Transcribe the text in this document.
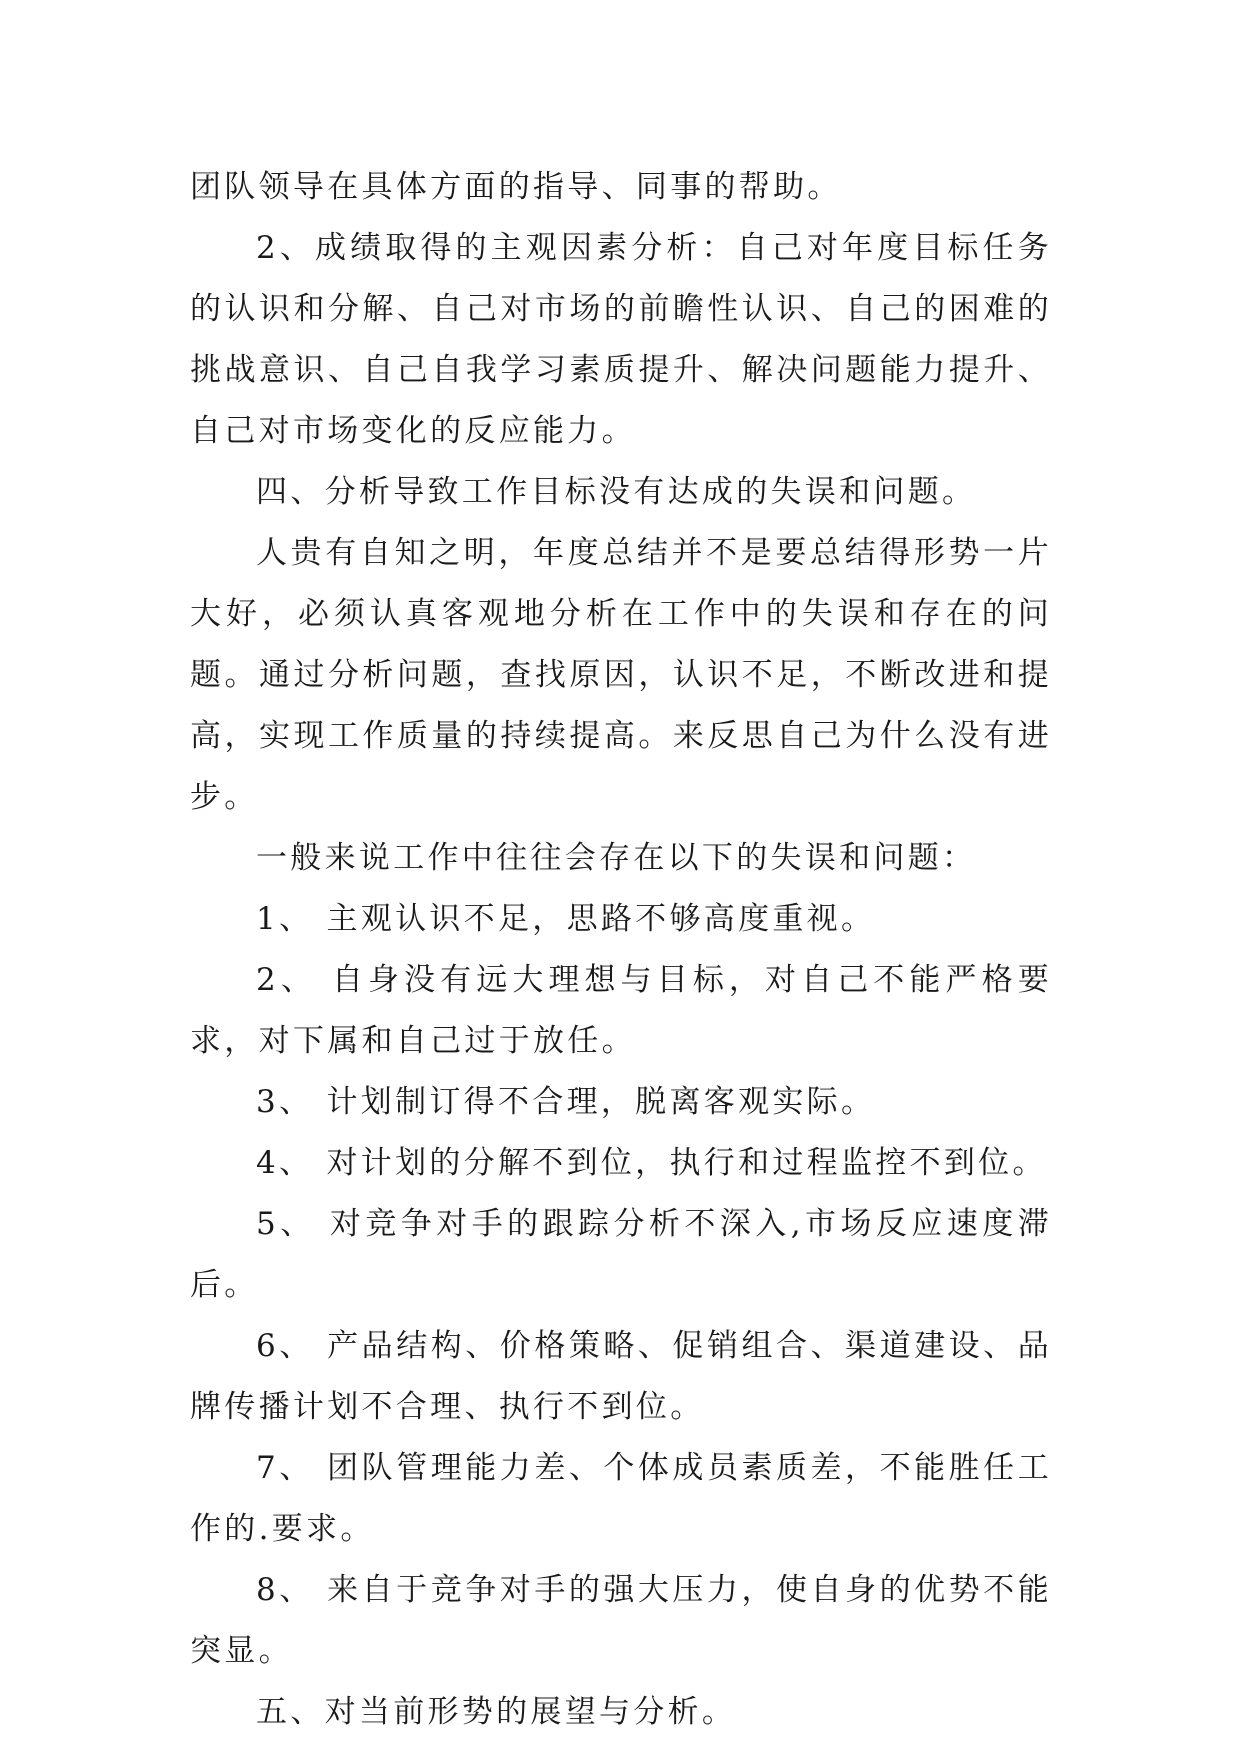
团队领导在具体方面的指导、同事的帮助。

2、成绩取得的主观因素分析：自己对年度目标任务的认识和分解、自己对市场的前瞻性认识、自己的困难的挑战意识、自己自我学习素质提升、解决问题能力提升、自己对市场变化的反应能力。

四、分析导致工作目标没有达成的失误和问题。

人贵有自知之明，年度总结并不是要总结得形势一片大好，必须认真客观地分析在工作中的失误和存在的问题。通过分析问题，查找原因，认识不足，不断改进和提高，实现工作质量的持续提高。来反思自己为什么没有进步。

一般来说工作中往往会存在以下的失误和问题：

1、 主观认识不足，思路不够高度重视。

2、 自身没有远大理想与目标，对自己不能严格要求，对下属和自己过于放任。

3、 计划制订得不合理，脱离客观实际。

4、 对计划的分解不到位，执行和过程监控不到位。

5、 对竞争对手的跟踪分析不深入,市场反应速度滞后。

6、 产品结构、价格策略、促销组合、渠道建设、品牌传播计划不合理、执行不到位。

7、 团队管理能力差、个体成员素质差，不能胜任工作的.要求。

8、 来自于竞争对手的强大压力，使自身的优势不能突显。

五、对当前形势的展望与分析。
